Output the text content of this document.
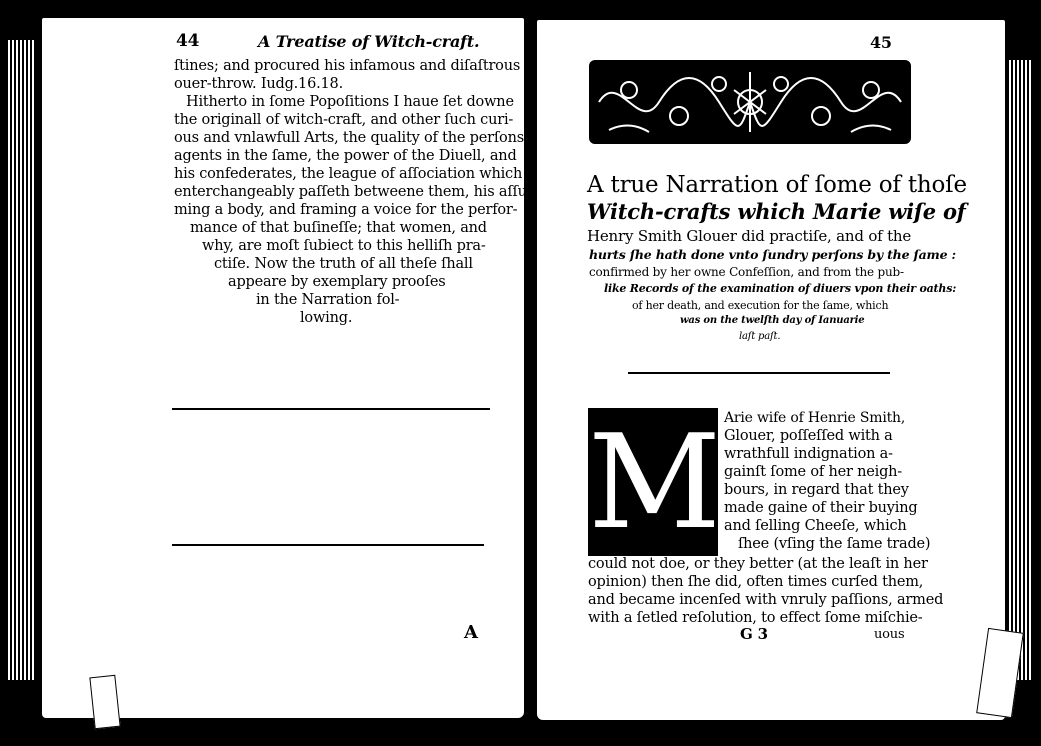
44	A Treatise of Witch-craft.
ſtines; and procured his infamous and diſaſtrous
ouer-throw. Iudg.16.18.
Hitherto in ſome Popoſitions I haue ſet downe
the originall of witch-craft, and other ſuch curi-
ous and vnlawfull Arts, the quality of the perſons
agents in the ſame, the power of the Diuell, and
his confederates, the league of aſſociation which
enterchangeably paſſeth betweene them, his aſſu-
ming a body, and framing a voice for the perfor-
mance of that buſineſſe; that women, and
why, are moſt ſubiect to this helliſh pra-
ctiſe. Now the truth of all theſe ſhall
appeare by exemplary prooſes
in the Narration fol-
lowing.
A
45
A true Narration of ſome of thoſe
Witch-crafts which Marie wiſe of
Henry Smith Glouer did practiſe, and of the
hurts ſhe hath done vnto ſundry perſons by the ſame :
confirmed by her owne Confeſſion, and from the pub-
like Records of the examination of diuers vpon their oaths:
of her death, and execution for the ſame, which
was on the twelſth day of Ianuarie
laſt paſt.
M Arie wife of Henrie Smith,
Glouer, poſſeſſed with a
wrathfull indignation a-
gainſt ſome of her neigh-
bours, in regard that they
made gaine of their buying
and ſelling Cheeſe, which
ſhee (vſing the ſame trade)
could not doe, or they better (at the leaſt in her
opinion) then ſhe did, often times curſed them,
and became incenſed with vnruly paſſions, armed
with a ſetled reſolution, to effect ſome miſchie-
G 3	uous
